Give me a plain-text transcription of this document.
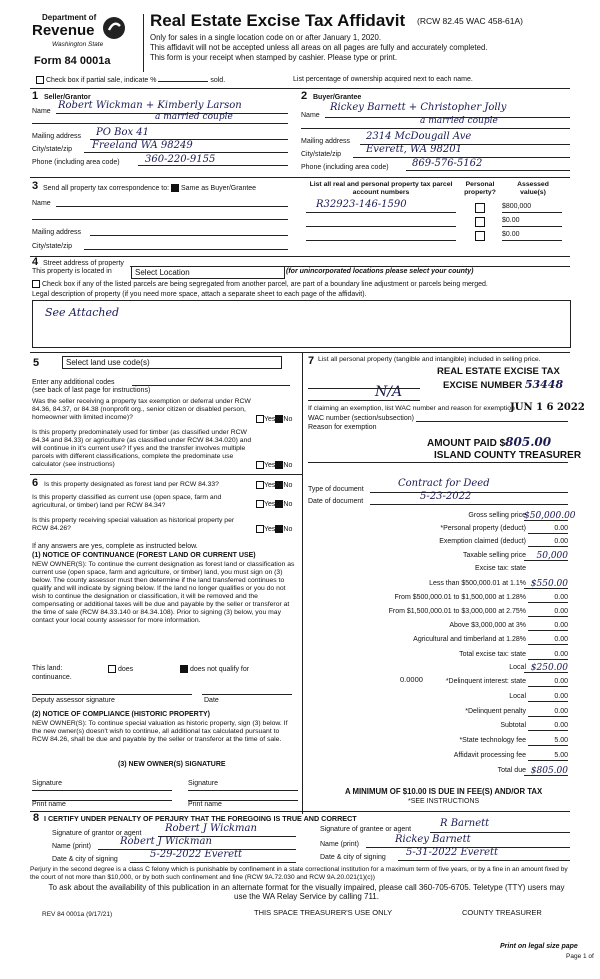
Department of
Revenue
Washington State
Form 84 0001a
Real Estate Excise Tax Affidavit (RCW 82.45 WAC 458-61A)
Only for sales in a single location code on or after January 1, 2020.
This affidavit will not be accepted unless all areas on all pages are fully and accurately completed.
This form is your receipt when stamped by cashier. Please type or print.
Check box if partial sale, indicate %	sold.	List percentage of ownership acquired next to each name.
1 Seller/Grantor
Name
Robert Wickman + Kimberly Larson
a married couple
Mailing address PO Box 41
City/state/zip Freeland WA 98249
Phone (including area code)	360-220-9155
2 Buyer/Grantee
Name
Rickey Barnett + Christopher Jolly
a married couple
Mailing address 2314 McDougall Ave
City/state/zip Everett, WA 98201
Phone (including area code) 869-576-5162
3 Send all property tax correspondence to: Same as Buyer/Grantee
Name
Mailing address
City/state/zip
List all real and personal property tax parcel account numbers
Personal property?
Assessed value(s)
R32923-146-1590	$800,000
$0.00
$0.00
4 Street address of property
This property is located in	Select Location	(for unincorporated locations please select your county)
Check box if any of the listed parcels are being segregated from another parcel, are part of a boundary line adjustment or parcels being merged.
Legal description of property (if you need more space, attach a separate sheet to each page of the affidavit).
See Attached
5	Select land use code(s)
Enter any additional codes
(see back of last page for instructions)
Was the seller receiving a property tax exemption or deferral under RCW 84.36, 84.37, or 84.38 (nonprofit org., senior citizen or disabled person, homeowner with limited income)?	Yes No
Is this property predominately used for timber (as classified under RCW 84.34 and 84.33) or agriculture (as classified under RCW 84.34.020) and will continue in it's current use? If yes and the transfer involves multiple parcels with different classifications, complete the predominate use calculator (see instructions)	Yes No
6 Is this property designated as forest land per RCW 84.33?	Yes No
Is this property classified as current use (open space, farm and agricultural, or timber) land per RCW 84.34?	Yes No
Is this property receiving special valuation as historical property per RCW 84.26?	Yes No
If any answers are yes, complete as instructed below.
(1) NOTICE OF CONTINUANCE (FOREST LAND OR CURRENT USE)
NEW OWNER(S): To continue the current designation as forest land or classification as current use (open space, farm and agriculture, or timber) land, you must sign on (3) below. The county assessor must then determine if the land transferred continues to qualify and will indicate by signing below. If the land no longer qualifies or you do not wish to continue the designation or classification, it will be removed and the compensating or additional taxes will be due and payable by the seller or transferor at the time of sale (RCW 84.33.140 or 84.34.108). Prior to signing (3) below, you may contact your local county assessor for more information.
This land:
continuance.
does	does not qualify for
Deputy assessor signature	Date
(2) NOTICE OF COMPLIANCE (HISTORIC PROPERTY)
NEW OWNER(S): To continue special valuation as historic property, sign (3) below. If the new owner(s) doesn't wish to continue, all additional tax calculated pursuant to RCW 84.26, shall be due and payable by the seller or transferor at the time of sale.
(3) NEW OWNER(S) SIGNATURE
Signature	Signature
Print name	Print name
7 List all personal property (tangible and intangible) included in selling price.
N/A
REAL ESTATE EXCISE TAX
EXCISE NUMBER 53448
If claiming an exemption, list WAC number and reason for exemption
JUN 1 6 2022
WAC number (section/subsection)
Reason for exemption
AMOUNT PAID $805.00
ISLAND COUNTY TREASURER
Type of document
Contract for Deed
Date of document	5-23-2022
Gross selling price
$50,000.00
*Personal property (deduct)	0.00
Exemption claimed (deduct)	0.00
Taxable selling price	50,000
Excise tax: state
Less than $500,000.01 at 1.1% $550.00
From $500,000.01 to $1,500,000 at 1.28%	0.00
From $1,500,000.01 to $3,000,000 at 2.75%	0.00
Above $3,000,000 at 3%	0.00
Agricultural and timberland at 1.28%	0.00
Total excise tax: state	0.00
Local $250.00
*Delinquent interest: state	0.00
Local	0.00
*Delinquent penalty	0.00
Subtotal	0.00
*State technology fee	5.00
Affidavit processing fee	5.00
Total due $805.00
0.0000
A MINIMUM OF $10.00 IS DUE IN FEE(S) AND/OR TAX
*SEE INSTRUCTIONS
8 I CERTIFY UNDER PENALTY OF PERJURY THAT THE FOREGOING IS TRUE AND CORRECT
Signature of grantor or agent Robert J Wickman
Name (print)	Robert J Wickman
Date & city of signing	5-29-2022 Everett
Signature of grantee or agent
R Barnett
Name (print)	Rickey Barnett
Date & city of signing 5-31-2022 Everett
Perjury in the second degree is a class C felony which is punishable by confinement in a state correctional institution for a maximum term of five years, or by a fine in an amount fixed by the court of not more than $10,000, or by both such confinement and fine (RCW 9A.72.030 and RCW 9A.20.021(1)(c))
To ask about the availability of this publication in an alternate format for the visually impaired, please call 360-705-6705. Teletype (TTY) users may use the WA Relay Service by calling 711.
REV 84 0001a (9/17/21)	THIS SPACE TREASURER'S USE ONLY	COUNTY TREASURER
Print on legal size pape
Page 1 of
